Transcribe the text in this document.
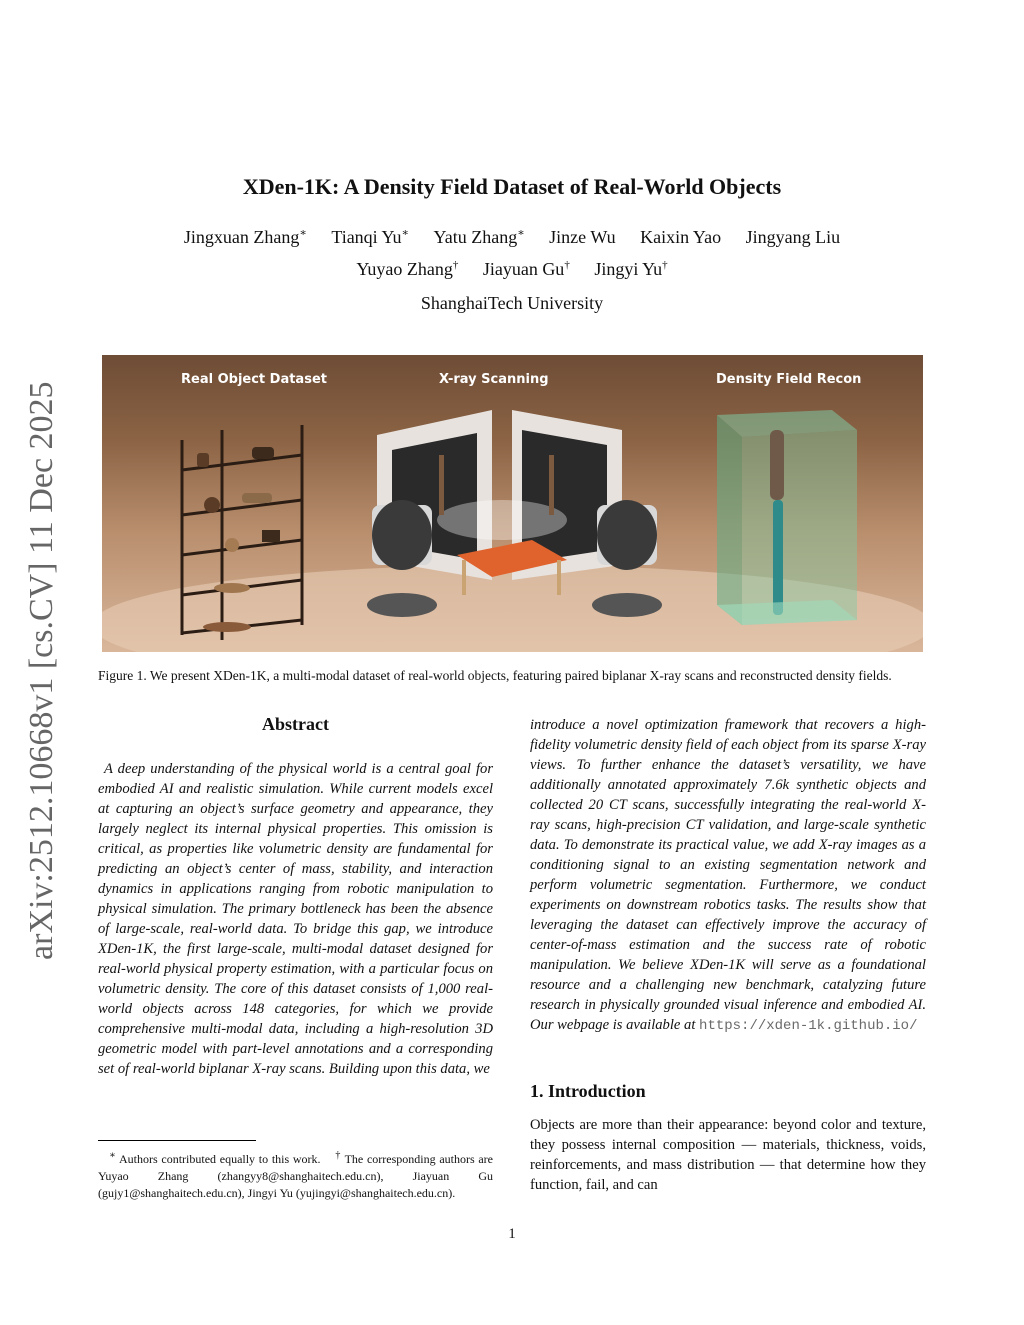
arXiv:2512.10668v1 [cs.CV] 11 Dec 2025
XDen-1K: A Density Field Dataset of Real-World Objects
Jingxuan Zhang∗ Tianqi Yu∗ Yatu Zhang∗ Jinze Wu Kaixin Yao Jingyang Liu
Yuyao Zhang† Jiayuan Gu† Jingyi Yu†
ShanghaiTech University
Real Object Dataset	X-ray Scanning	Density Field Recon
Figure 1. We present XDen-1K, a multi-modal dataset of real-world objects, featuring paired biplanar X-ray scans and reconstructed density fields.
Abstract
A deep understanding of the physical world is a central goal for embodied AI and realistic simulation. While current models excel at capturing an object’s surface geometry and appearance, they largely neglect its internal physical properties. This omission is critical, as properties like volumetric density are fundamental for predicting an object’s center of mass, stability, and interaction dynamics in applications ranging from robotic manipulation to physical simulation. The primary bottleneck has been the absence of large-scale, real-world data. To bridge this gap, we introduce XDen-1K, the first large-scale, multi-modal dataset designed for real-world physical property estimation, with a particular focus on volumetric density. The core of this dataset consists of 1,000 real-world objects across 148 categories, for which we provide comprehensive multi-modal data, including a high-resolution 3D geometric model with part-level annotations and a corresponding set of real-world biplanar X-ray scans. Building upon this data, we
∗ Authors contributed equally to this work. † The corresponding authors are Yuyao Zhang (zhangyy8@shanghaitech.edu.cn), Jiayuan Gu (gujy1@shanghaitech.edu.cn), Jingyi Yu (yujingyi@shanghaitech.edu.cn).
introduce a novel optimization framework that recovers a high-fidelity volumetric density field of each object from its sparse X-ray views. To further enhance the dataset’s versatility, we have additionally annotated approximately 7.6k synthetic objects and collected 20 CT scans, successfully integrating the real-world X-ray scans, high-precision CT validation, and large-scale synthetic data. To demonstrate its practical value, we add X-ray images as a conditioning signal to an existing segmentation network and perform volumetric segmentation. Furthermore, we conduct experiments on downstream robotics tasks. The results show that leveraging the dataset can effectively improve the accuracy of center-of-mass estimation and the success rate of robotic manipulation. We believe XDen-1K will serve as a foundational resource and a challenging new benchmark, catalyzing future research in physically grounded visual inference and embodied AI. Our webpage is available at https://xden-1k.github.io/
1. Introduction
Objects are more than their appearance: beyond color and texture, they possess internal composition — materials, thickness, voids, reinforcements, and mass distribution — that determine how they function, fail, and can
1
